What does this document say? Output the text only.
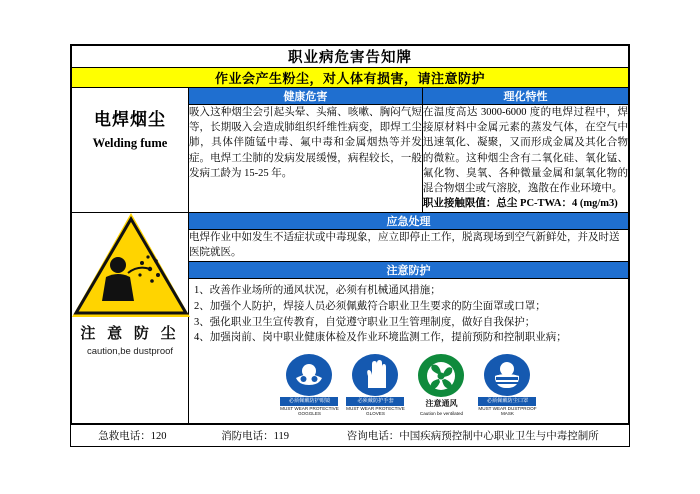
职业病危害告知牌
作业会产生粉尘，对人体有损害，请注意防护
	健康危害	理化特性

电焊烟尘
Welding fume

吸入这种烟尘会引起头晕、头痛、咳嗽、胸闷气短等，长期吸入会造成肺组织纤维性病变，即焊工尘肺，具体伴随锰中毒、氟中毒和金属烟热等并发症。电焊工尘肺的发病发展缓慢，病程较长，一般发病工龄为 15-25 年。

在温度高达 3000-6000 度的电焊过程中，焊接原材料中金属元素的蒸发气体，在空气中迅速氧化、凝聚，又而形成金属及其化合物的微粒。这种烟尘含有二氧化硅、氧化锰、氟化物、臭氧、各种微量金属和氯氧化物的混合物烟尘或气溶胶，逸散在作业环境中。

职业接触限值：总尘 PC-TWA：4 (mg/m3)

注 意 防 尘
caution,be dustproof

应急处理
电焊作业中如发生不适症状或中毒现象，应立即停止工作，脱离现场到空气新鲜处，并及时送医院就医。
注意防护

1、改善作业场所的通风状况，必须有机械通风措施；
2、加强个人防护，焊接人员必须佩戴符合职业卫生要求的防尘面罩或口罩；
3、强化职业卫生宣传教育，自觉遵守职业卫生管理制度，做好自我保护；
4、加强岗前、岗中职业健康体检及作业环境监测工作，提前预防和控制职业病；
必须佩戴防护眼镜
MUST WEAR PROTECTIVE GOGGLES
必须戴防护手套
MUST WEAR PROTECTIVE GLOVES
注意通风
Caution be ventilated
必须佩戴防尘口罩
MUST WEAR DUSTPROOF MASK
急救电话：120	消防电话：119	咨询电话：中国疾病预控制中心职业卫生与中毒控制所
